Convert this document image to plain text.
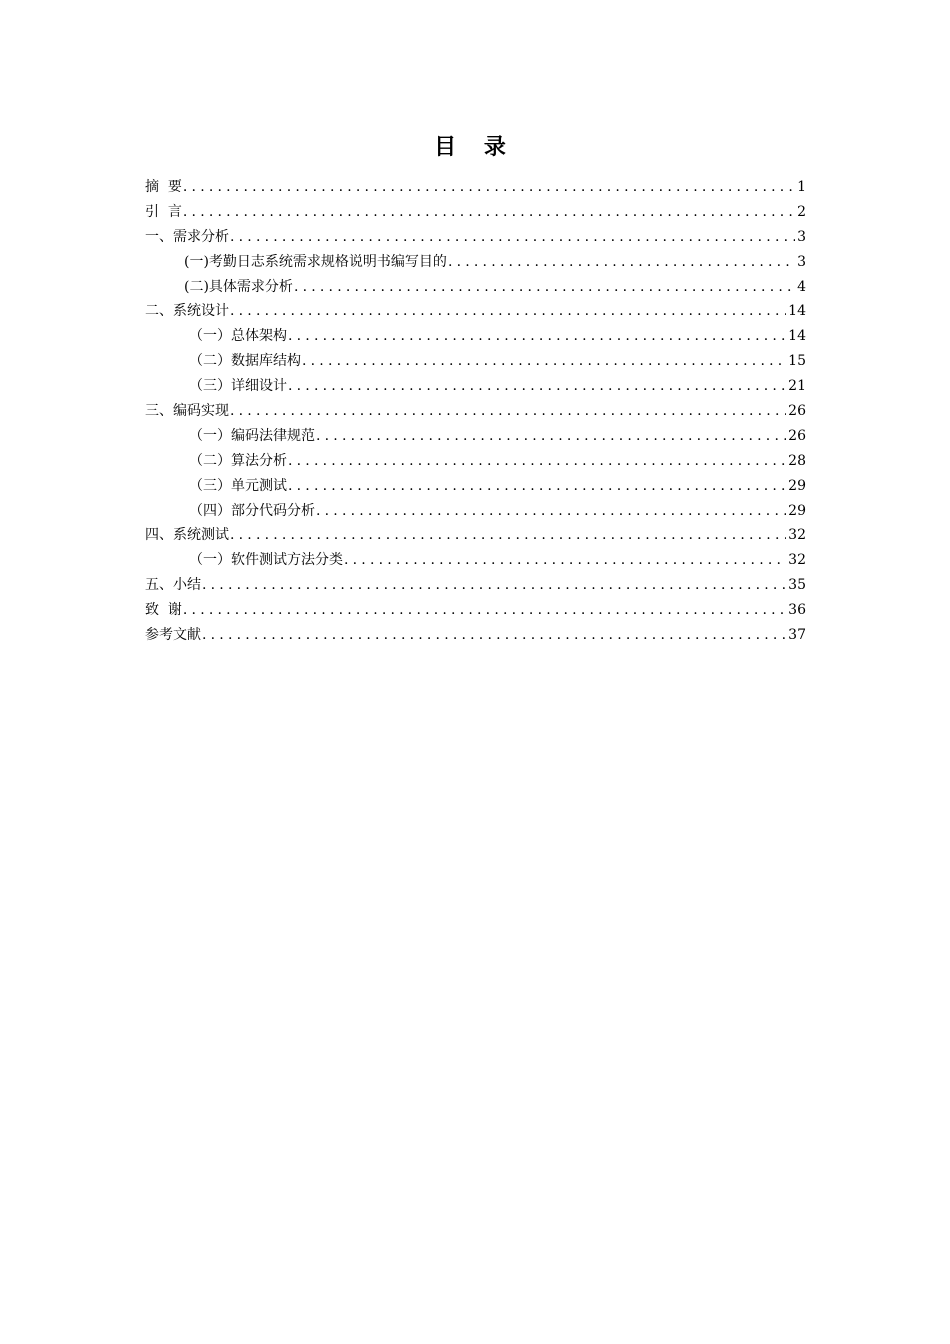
目 录
摘  要 .....	1
引  言 .....	2
一、需求分析 .....	3
(一)考勤日志系统需求规格说明书编写目的 .....	3
(二)具体需求分析 .....	4
二、系统设计 .....	14
（一）总体架构 .....	14
（二）数据库结构 .....	15
（三）详细设计 .....	21
三、编码实现 .....	26
（一）编码法律规范 .....	26
（二）算法分析 .....	28
（三）单元测试 .....	29
（四）部分代码分析 .....	29
四、系统测试 .....	32
（一）软件测试方法分类 .....	32
五、小结 .....	35
致  谢 .....	36
参考文献 .....	37
